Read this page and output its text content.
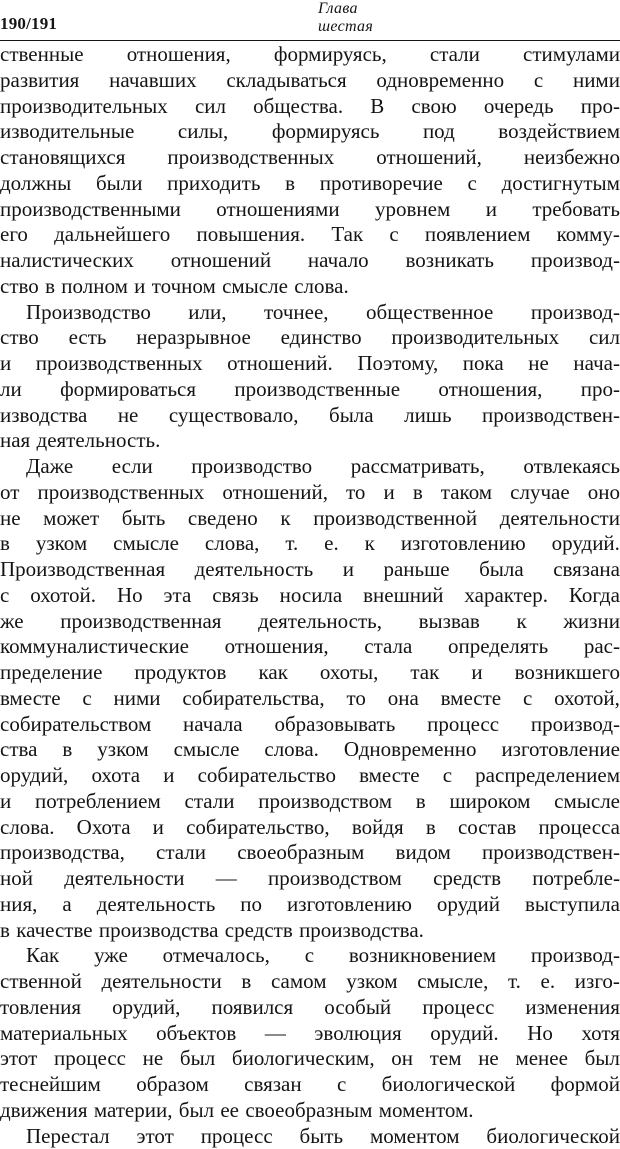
190/191
Глава
шестая
ственные отношения, формируясь, стали стимулами
развития начавших складываться одновременно с ними
производительных сил общества. В свою очередь про-
изводительные силы, формируясь под воздействием
становящихся производственных отношений, неизбежно
должны были приходить в противоречие с достигнутым
производственными отношениями уровнем и требовать
его дальнейшего повышения. Так с появлением комму-
налистических отношений начало возникать производ-
ство в полном и точном смысле слова.
Производство или, точнее, общественное производ-
ство есть неразрывное единство производительных сил
и производственных отношений. Поэтому, пока не нача-
ли формироваться производственные отношения, про-
изводства не существовало, была лишь производствен-
ная деятельность.
Даже если производство рассматривать, отвлекаясь
от производственных отношений, то и в таком случае оно
не может быть сведено к производственной деятельности
в узком смысле слова, т. е. к изготовлению орудий.
Производственная деятельность и раньше была связана
с охотой. Но эта связь носила внешний характер. Когда
же производственная деятельность, вызвав к жизни
коммуналистические отношения, стала определять рас-
пределение продуктов как охоты, так и возникшего
вместе с ними собирательства, то она вместе с охотой,
собирательством начала образовывать процесс производ-
ства в узком смысле слова. Одновременно изготовление
орудий, охота и собирательство вместе с распределением
и потреблением стали производством в широком смысле
слова. Охота и собирательство, войдя в состав процесса
производства, стали своеобразным видом производствен-
ной деятельности — производством средств потребле-
ния, а деятельность по изготовлению орудий выступила
в качестве производства средств производства.
Как уже отмечалось, с возникновением производ-
ственной деятельности в самом узком смысле, т. е. изго-
товления орудий, появился особый процесс изменения
материальных объектов — эволюция орудий. Но хотя
этот процесс не был биологическим, он тем не менее был
теснейшим образом связан с биологической формой
движения материи, был ее своеобразным моментом.
Перестал этот процесс быть моментом биологической
